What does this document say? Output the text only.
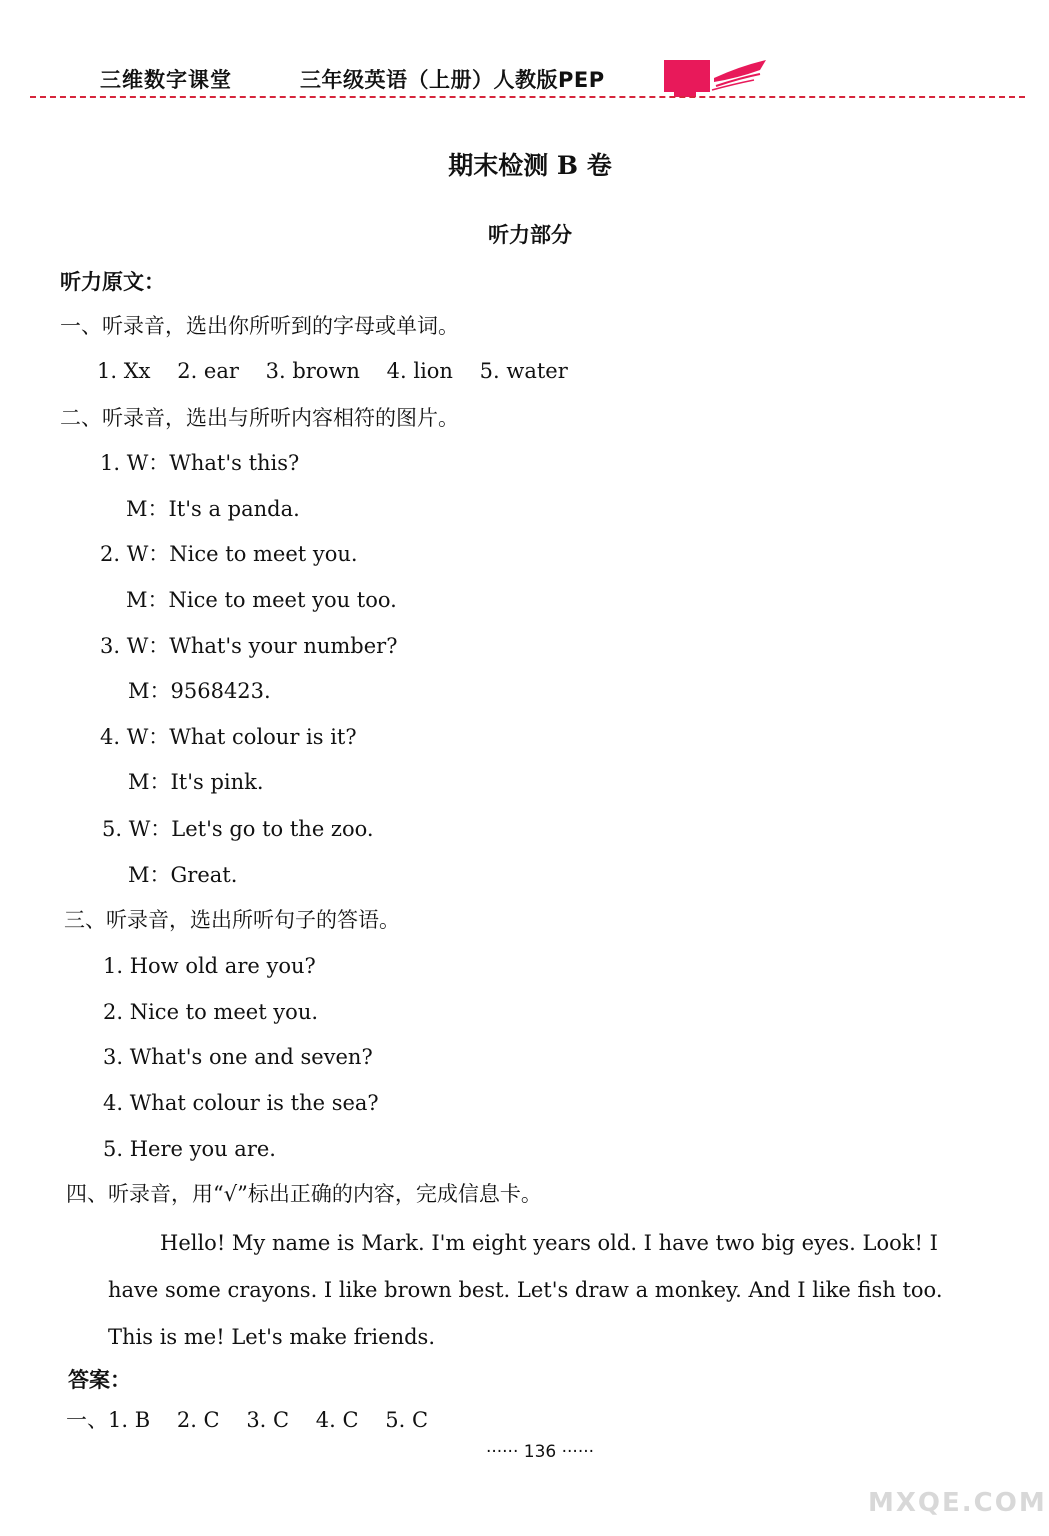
三维数字课堂	三年级英语（上册）人教版PEP
期末检测 B 卷
听力部分
听力原文：
一、听录音，选出你所听到的字母或单词。
1. Xx    2. ear    3. brown    4. lion    5. water
二、听录音，选出与所听内容相符的图片。
1. W：What's this?
M：It's a panda.
2. W：Nice to meet you.
M：Nice to meet you too.
3. W：What's your number?
M：9568423.
4. W：What colour is it?
M：It's pink.
5. W：Let's go to the zoo.
M：Great.
三、听录音，选出所听句子的答语。
1. How old are you?
2. Nice to meet you.
3. What's one and seven?
4. What colour is the sea?
5. Here you are.
四、听录音，用“√”标出正确的内容，完成信息卡。
Hello! My name is Mark. I'm eight years old. I have two big eyes. Look! I
have some crayons. I like brown best. Let's draw a monkey. And I like fish too.
This is me! Let's make friends.
答案：
一、1. B    2. C    3. C    4. C    5. C
······ 136 ······
MXQE.COM
